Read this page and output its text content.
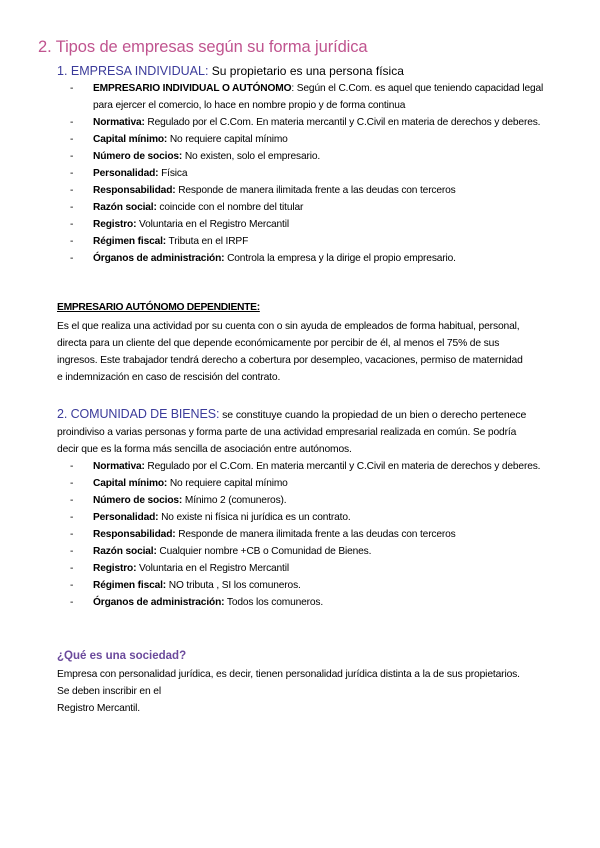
2. Tipos de empresas según su forma jurídica
1. EMPRESA INDIVIDUAL: Su propietario es una persona física
- EMPRESARIO INDIVIDUAL O AUTÓNOMO: Según el C.Com. es aquel que teniendo capacidad legal para ejercer el comercio, lo hace en nombre propio y de forma continua
- Normativa: Regulado por el C.Com. En materia mercantil y C.Civil en materia de derechos y deberes.
- Capital mínimo: No requiere capital mínimo
- Número de socios: No existen, solo el empresario.
- Personalidad: Física
- Responsabilidad: Responde de manera ilimitada frente a las deudas con terceros
- Razón social: coincide con el nombre del titular
- Registro: Voluntaria en el Registro Mercantil
- Régimen fiscal: Tributa en el IRPF
- Órganos de administración: Controla la empresa y la dirige el propio empresario.
EMPRESARIO AUTÓNOMO DEPENDIENTE:
Es el que realiza una actividad por su cuenta con o sin ayuda de empleados de forma habitual, personal,
directa para un cliente del que depende económicamente por percibir de él, al menos el 75% de sus
ingresos. Este trabajador tendrá derecho a cobertura por desempleo, vacaciones, permiso de maternidad
e indemnización en caso de rescisión del contrato.
2. COMUNIDAD DE BIENES: se constituye cuando la propiedad de un bien o derecho pertenece
proindiviso a varias personas y forma parte de una actividad empresarial realizada en común. Se podría
decir que es la forma más sencilla de asociación entre autónomos.
- Normativa: Regulado por el C.Com. En materia mercantil y C.Civil en materia de derechos y deberes.
- Capital mínimo: No requiere capital mínimo
- Número de socios: Mínimo 2 (comuneros).
- Personalidad: No existe ni física ni jurídica es un contrato.
- Responsabilidad: Responde de manera ilimitada frente a las deudas con terceros
- Razón social: Cualquier nombre +CB o Comunidad de Bienes.
- Registro: Voluntaria en el Registro Mercantil
- Régimen fiscal: NO tributa , SI los comuneros.
- Órganos de administración: Todos los comuneros.
¿Qué es una sociedad?
Empresa con personalidad jurídica, es decir, tienen personalidad jurídica distinta a la de sus propietarios.
Se deben inscribir en el
Registro Mercantil.
